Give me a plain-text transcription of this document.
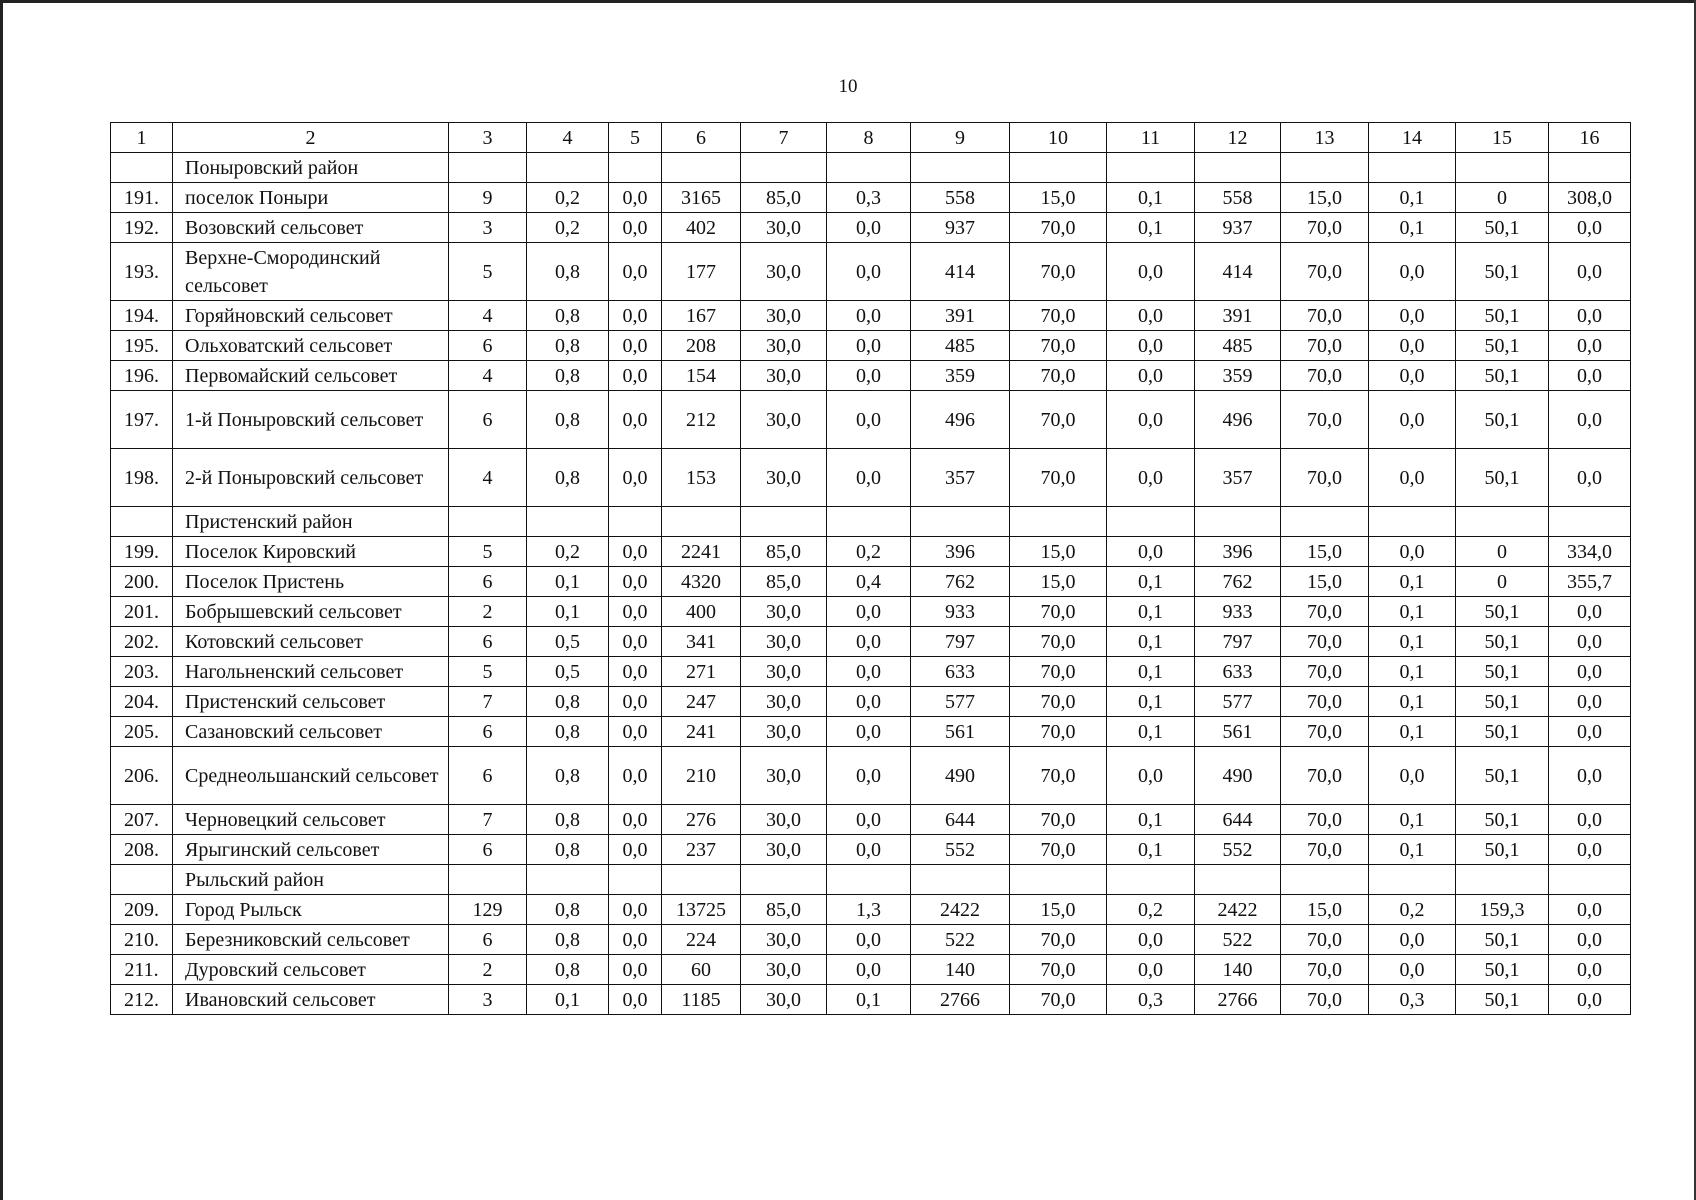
10
1	2	3	4	5	6	7	8	9	10	11	12	13	14	15	16
	Поныровский район														
191.	поселок Поныри	9	0,2	0,0	3165	85,0	0,3	558	15,0	0,1	558	15,0	0,1	0	308,0
192.	Возовский сельсовет	3	0,2	0,0	402	30,0	0,0	937	70,0	0,1	937	70,0	0,1	50,1	0,0
193.	Верхне-Смородинский сельсовет	5	0,8	0,0	177	30,0	0,0	414	70,0	0,0	414	70,0	0,0	50,1	0,0
194.	Горяйновский сельсовет	4	0,8	0,0	167	30,0	0,0	391	70,0	0,0	391	70,0	0,0	50,1	0,0
195.	Ольховатский сельсовет	6	0,8	0,0	208	30,0	0,0	485	70,0	0,0	485	70,0	0,0	50,1	0,0
196.	Первомайский сельсовет	4	0,8	0,0	154	30,0	0,0	359	70,0	0,0	359	70,0	0,0	50,1	0,0
197.	1-й Поныровский сельсовет	6	0,8	0,0	212	30,0	0,0	496	70,0	0,0	496	70,0	0,0	50,1	0,0
198.	2-й Поныровский сельсовет	4	0,8	0,0	153	30,0	0,0	357	70,0	0,0	357	70,0	0,0	50,1	0,0
	Пристенский район														
199.	Поселок Кировский	5	0,2	0,0	2241	85,0	0,2	396	15,0	0,0	396	15,0	0,0	0	334,0
200.	Поселок Пристень	6	0,1	0,0	4320	85,0	0,4	762	15,0	0,1	762	15,0	0,1	0	355,7
201.	Бобрышевский сельсовет	2	0,1	0,0	400	30,0	0,0	933	70,0	0,1	933	70,0	0,1	50,1	0,0
202.	Котовский сельсовет	6	0,5	0,0	341	30,0	0,0	797	70,0	0,1	797	70,0	0,1	50,1	0,0
203.	Нагольненский сельсовет	5	0,5	0,0	271	30,0	0,0	633	70,0	0,1	633	70,0	0,1	50,1	0,0
204.	Пристенский сельсовет	7	0,8	0,0	247	30,0	0,0	577	70,0	0,1	577	70,0	0,1	50,1	0,0
205.	Сазановский сельсовет	6	0,8	0,0	241	30,0	0,0	561	70,0	0,1	561	70,0	0,1	50,1	0,0
206.	Среднеольшанский сельсовет	6	0,8	0,0	210	30,0	0,0	490	70,0	0,0	490	70,0	0,0	50,1	0,0
207.	Черновецкий сельсовет	7	0,8	0,0	276	30,0	0,0	644	70,0	0,1	644	70,0	0,1	50,1	0,0
208.	Ярыгинский сельсовет	6	0,8	0,0	237	30,0	0,0	552	70,0	0,1	552	70,0	0,1	50,1	0,0
	Рыльский район														
209.	Город Рыльск	129	0,8	0,0	13725	85,0	1,3	2422	15,0	0,2	2422	15,0	0,2	159,3	0,0
210.	Березниковский сельсовет	6	0,8	0,0	224	30,0	0,0	522	70,0	0,0	522	70,0	0,0	50,1	0,0
211.	Дуровский сельсовет	2	0,8	0,0	60	30,0	0,0	140	70,0	0,0	140	70,0	0,0	50,1	0,0
212.	Ивановский сельсовет	3	0,1	0,0	1185	30,0	0,1	2766	70,0	0,3	2766	70,0	0,3	50,1	0,0
